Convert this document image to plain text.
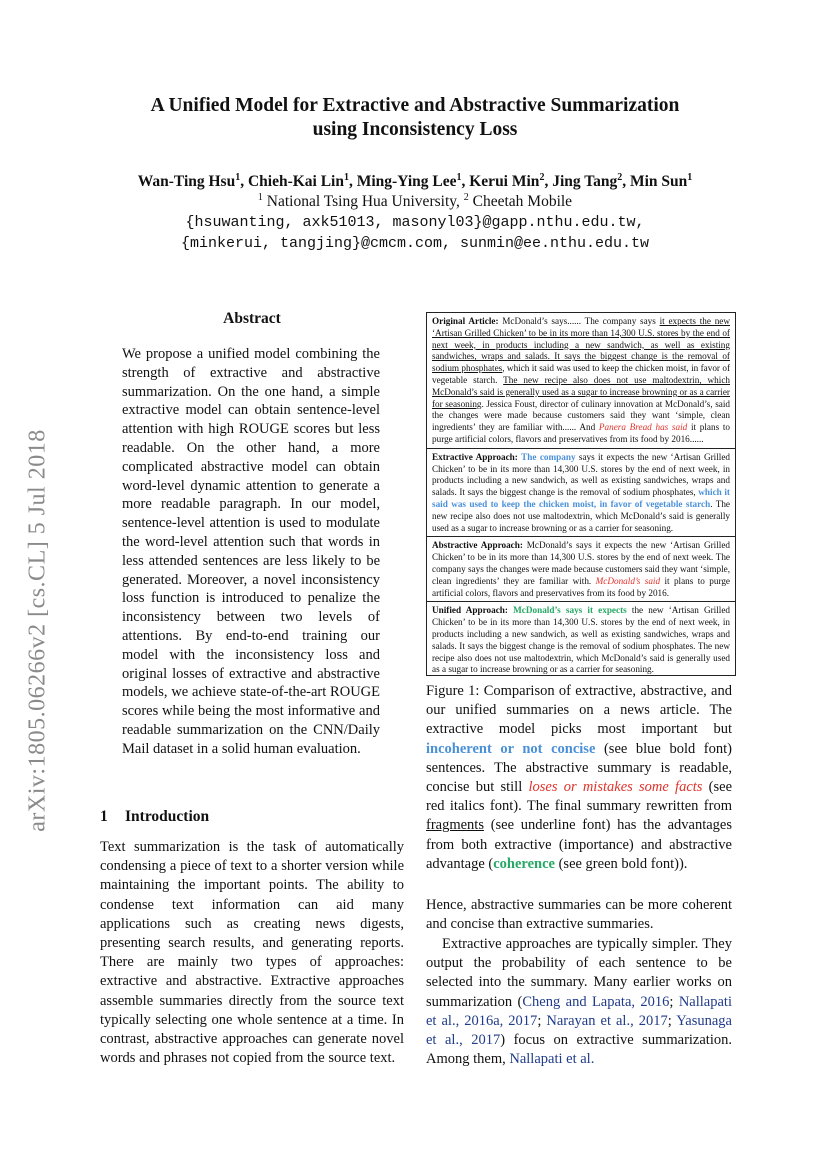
arXiv:1805.06266v2 [cs.CL] 5 Jul 2018
A Unified Model for Extractive and Abstractive Summarization
using Inconsistency Loss
Wan-Ting Hsu$^1$, Chieh-Kai Lin$^1$, Ming-Ying Lee$^1$, Kerui Min$^2$, Jing Tang$^2$, Min Sun$^1$
$^1$ National Tsing Hua University, $^2$ Cheetah Mobile
{hsuwanting, axk51013, masonyl03}@gapp.nthu.edu.tw,
{minkerui, tangjing}@cmcm.com, sunmin@ee.nthu.edu.tw
Abstract

We propose a unified model combining the strength of extractive and abstractive summarization. On the one hand, a simple extractive model can obtain sentence-level attention with high ROUGE scores but less readable. On the other hand, a more complicated abstractive model can obtain word-level dynamic attention to generate a more readable paragraph. In our model, sentence-level attention is used to modulate the word-level attention such that words in less attended sentences are less likely to be generated. Moreover, a novel inconsistency loss function is introduced to penalize the inconsistency between two levels of attentions. By end-to-end training our model with the inconsistency loss and original losses of extractive and abstractive models, we achieve state-of-the-art ROUGE scores while being the most informative and readable summarization on the CNN/Daily Mail dataset in a solid human evaluation.

1 Introduction

Text summarization is the task of automatically condensing a piece of text to a shorter version while maintaining the important points. The ability to condense text information can aid many applications such as creating news digests, presenting search results, and generating reports. There are mainly two types of approaches: extractive and abstractive. Extractive approaches assemble summaries directly from the source text typically selecting one whole sentence at a time. In contrast, abstractive approaches can generate novel words and phrases not copied from the source text.

Original Article: McDonald’s says...... The company says it expects the new ‘Artisan Grilled Chicken’ to be in its more than 14,300 U.S. stores by the end of next week, in products including a new sandwich, as well as existing sandwiches, wraps and salads. It says the biggest change is the removal of sodium phosphates, which it said was used to keep the chicken moist, in favor of vegetable starch. The new recipe also does not use maltodextrin, which McDonald’s said is generally used as a sugar to increase browning or as a carrier for seasoning. Jessica Foust, director of culinary innovation at McDonald’s, said the changes were made because customers said they want ‘simple, clean ingredients’ they are familiar with...... And Panera Bread has said it plans to purge artificial colors, flavors and preservatives from its food by 2016......
Extractive Approach: The company says it expects the new ‘Artisan Grilled Chicken’ to be in its more than 14,300 U.S. stores by the end of next week, in products including a new sandwich, as well as existing sandwiches, wraps and salads. It says the biggest change is the removal of sodium phosphates, which it said was used to keep the chicken moist, in favor of vegetable starch. The new recipe also does not use maltodextrin, which McDonald’s said is generally used as a sugar to increase browning or as a carrier for seasoning.
Abstractive Approach: McDonald’s says it expects the new ‘Artisan Grilled Chicken’ to be in its more than 14,300 U.S. stores by the end of next week. The company says the changes were made because customers said they want ‘simple, clean ingredients’ they are familiar with. McDonald’s said it plans to purge artificial colors, flavors and preservatives from its food by 2016.
Unified Approach: McDonald’s says it expects the new ‘Artisan Grilled Chicken’ to be in its more than 14,300 U.S. stores by the end of next week, in products including a new sandwich, as well as existing sandwiches, wraps and salads. It says the biggest change is the removal of sodium phosphates. The new recipe also does not use maltodextrin, which McDonald’s said is generally used as a sugar to increase browning or as a carrier for seasoning.

Figure 1: Comparison of extractive, abstractive, and our unified summaries on a news article. The extractive model picks most important but incoherent or not concise (see blue bold font) sentences. The abstractive summary is readable, concise but still loses or mistakes some facts (see red italics font). The final summary rewritten from fragments (see underline font) has the advantages from both extractive (importance) and abstractive advantage (coherence (see green bold font)).

Hence, abstractive summaries can be more coherent and concise than extractive summaries.

Extractive approaches are typically simpler. They output the probability of each sentence to be selected into the summary. Many earlier works on summarization (Cheng and Lapata, 2016; Nallapati et al., 2016a, 2017; Narayan et al., 2017; Yasunaga et al., 2017) focus on extractive summarization. Among them, Nallapati et al.
